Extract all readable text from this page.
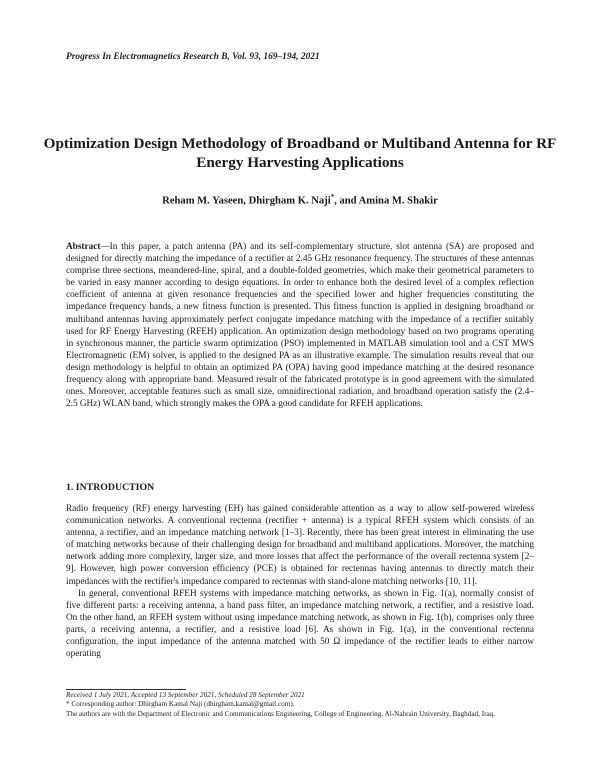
Progress In Electromagnetics Research B, Vol. 93, 169–194, 2021
Optimization Design Methodology of Broadband or Multiband Antenna for RF Energy Harvesting Applications
Reham M. Yaseen, Dhirgham K. Naji*, and Amina M. Shakir
Abstract—In this paper, a patch antenna (PA) and its self-complementary structure, slot antenna (SA) are proposed and designed for directly matching the impedance of a rectifier at 2.45 GHz resonance frequency. The structures of these antennas comprise three sections, meandered-line, spiral, and a double-folded geometries, which make their geometrical parameters to be varied in easy manner according to design equations. In order to enhance both the desired level of a complex reflection coefficient of antenna at given resonance frequencies and the specified lower and higher frequencies constituting the impedance frequency bands, a new fitness function is presented. This fitness function is applied in designing broadband or multiband antennas having approximately perfect conjugate impedance matching with the impedance of a rectifier suitably used for RF Energy Harvesting (RFEH) application. An optimization design methodology based on two programs operating in synchronous manner, the particle swarm optimization (PSO) implemented in MATLAB simulation tool and a CST MWS Electromagnetic (EM) solver, is applied to the designed PA as an illustrative example. The simulation results reveal that our design methodology is helpful to obtain an optimized PA (OPA) having good impedance matching at the desired resonance frequency along with appropriate band. Measured result of the fabricated prototype is in good agreement with the simulated ones. Moreover, acceptable features such as small size, omnidirectional radiation, and broadband operation satisfy the (2.4–2.5 GHz) WLAN band, which strongly makes the OPA a good candidate for RFEH applications.
1. INTRODUCTION

Radio frequency (RF) energy harvesting (EH) has gained considerable attention as a way to allow self-powered wireless communication networks. A conventional rectenna (rectifier + antenna) is a typical RFEH system which consists of an antenna, a rectifier, and an impedance matching network [1–3]. Recently, there has been great interest in eliminating the use of matching networks because of their challenging design for broadband and multiband applications. Moreover, the matching network adding more complexity, larger size, and more losses that affect the performance of the overall rectenna system [2–9]. However, high power conversion efficiency (PCE) is obtained for rectennas having antennas to directly match their impedances with the rectifier's impedance compared to rectennas with stand-alone matching networks [10, 11].

In general, conventional RFEH systems with impedance matching networks, as shown in Fig. 1(a), normally consist of five different parts: a receiving antenna, a band pass filter, an impedance matching network, a rectifier, and a resistive load. On the other hand, an RFEH system without using impedance matching network, as shown in Fig. 1(b), comprises only three parts, a receiving antenna, a rectifier, and a resistive load [6]. As shown in Fig. 1(a), in the conventional rectenna configuration, the input impedance of the antenna matched with 50 Ω impedance of the rectifier leads to either narrow operating

Received 1 July 2021, Accepted 13 September 2021, Scheduled 28 September 2021
* Corresponding author: Dhirgham Kamal Naji (dhirgham.kamal@gmail.com).
The authors are with the Department of Electronic and Communications Engineering, College of Engineering, Al-Nahrain University, Baghdad, Iraq.
